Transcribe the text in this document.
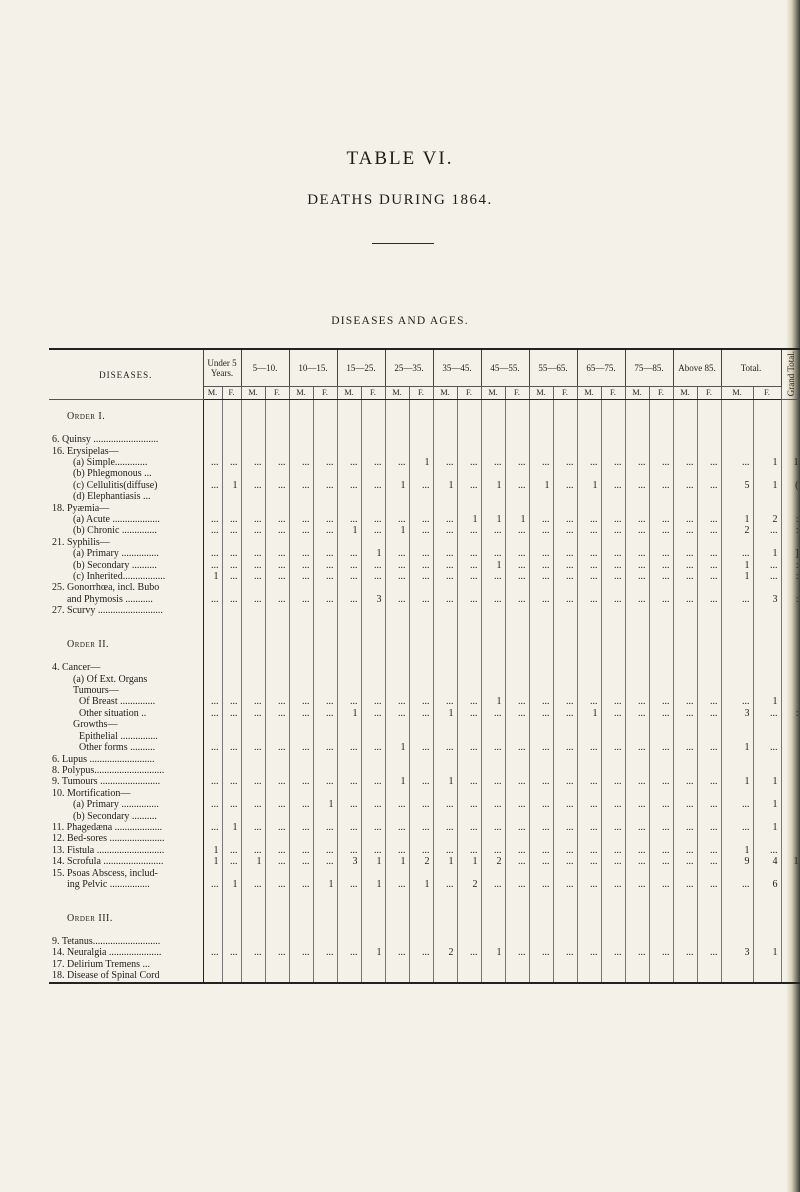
TABLE VI.
DEATHS DURING 1864.
DISEASES AND AGES.
DISEASES.	Under 5 Years.		5—10.		10—15.		15—25.		25—35.		35—45.		45—55.		55—65.		65—75.		75—85.		Above 85.		Total.		Grand Total.
	M.	F.	M.	F.	M.	F.	M.	F.	M.	F.	M.	F.	M.	F.	M.	F.	M.	F.	M.	F.	M.	F.	M.	F.	

Order I.																									

6. Quinsy ..........................																									
16. Erysipelas—																									
(a) Simple.............	...	...	...	...	...	...	...	...	...	1	...	...	...	...	...	...	...	...	...	...	...	...	...	1	1
(b) Phlegmonous ...																									
(c) Cellulitis(diffuse)	...	1	...	...	...	...	...	...	1	...	1	...	1	...	1	...	1	...	...	...	...	...	5	1	(
(d) Elephantiasis ...																									
18. Pyæmia—																									
(a) Acute ...................	...	...	...	...	...	...	...	...	...	...	...	1	1	1	...	...	...	...	...	...	...	...	1	2	:
(b) Chronic ..............	...	...	...	...	...	...	1	...	1	...	...	...	...	...	...	...	...	...	...	...	...	...	2	...	:
21. Syphilis—																									
(a) Primary ...............	...	...	...	...	...	...	...	1	...	...	...	...	...	...	...	...	...	...	...	...	...	...	...	1	]
(b) Secondary ..........	...	...	...	...	...	...	...	...	...	...	...	...	1	...	...	...	...	...	...	...	...	...	1	...	:
(c) Inherited.................	1	...	...	...	...	...	...	...	...	...	...	...	...	...	...	...	...	...	...	...	...	...	1	...	:
25. Gonorrhœa, incl. Bubo																									
and Phymosis ...........	...	...	...	...	...	...	...	3	...	...	...	...	...	...	...	...	...	...	...	...	...	...	...	3	:
27. Scurvy ..........................																									

Order II.																									

4. Cancer—																									
(a) Of Ext. Organs																									
Tumours—																									
Of Breast ..............	...	...	...	...	...	...	...	...	...	...	...	...	1	...	...	...	...	...	...	...	...	...	...	1	
Other situation ..	...	...	...	...	...	...	1	...	...	...	1	...	...	...	...	...	1	...	...	...	...	...	3	...	:
Growths—																									
Epithelial ...............																									
Other forms ..........	...	...	...	...	...	...	...	...	1	...	...	...	...	...	...	...	...	...	...	...	...	...	1	...	
6. Lupus ..........................																									
8. Polypus............................																									
9. Tumours ........................	...	...	...	...	...	...	...	...	1	...	1	...	...	...	...	...	...	...	...	...	...	...	1	1	
10. Mortification—																									
(a) Primary ...............	...	...	...	...	...	1	...	...	...	...	...	...	...	...	...	...	...	...	...	...	...	...	...	1	
(b) Secondary ..........																									
11. Phagedæna ...................	...	1	...	...	...	...	...	...	...	...	...	...	...	...	...	...	...	...	...	...	...	...	...	1	
12. Bed-sores ......................																									
13. Fistula ...........................	1	...	...	...	...	...	...	...	...	...	...	...	...	...	...	...	...	...	...	...	...	...	1	...	
14. Scrofula ........................	1	...	1	...	...	...	3	1	1	2	1	1	2	...	...	...	...	...	...	...	...	...	9	4	1
15. Psoas Abscess, includ-																									
ing Pelvic ................	...	1	...	...	...	1	...	1	...	1	...	2	...	...	...	...	...	...	...	...	...	...	...	6	

Order III.																									

9. Tetanus...........................																									
14. Neuralgia .....................	...	...	...	...	...	...	...	1	...	...	2	...	1	...	...	...	...	...	...	...	...	...	3	1	
17. Delirium Tremens ...																									
18. Disease of Spinal Cord																									
